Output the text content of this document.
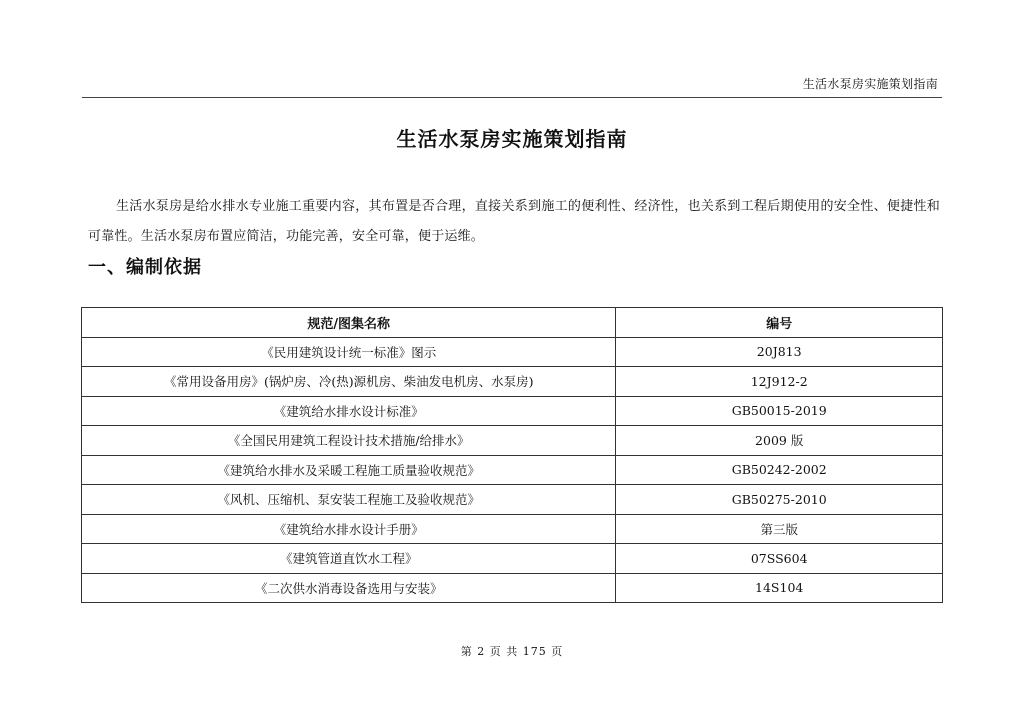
生活水泵房实施策划指南
生活水泵房实施策划指南

生活水泵房是给水排水专业施工重要内容，其布置是否合理，直接关系到施工的便利性、经济性，也关系到工程后期使用的安全性、便捷性和可靠性。生活水泵房布置应简洁，功能完善，安全可靠，便于运维。

一、编制依据
规范/图集名称	编号
《民用建筑设计统一标准》图示	20J813
《常用设备用房》(锅炉房、冷(热)源机房、柴油发电机房、水泵房)	12J912-2
《建筑给水排水设计标准》	GB50015-2019
《全国民用建筑工程设计技术措施/给排水》	2009 版
《建筑给水排水及采暖工程施工质量验收规范》	GB50242-2002
《风机、压缩机、泵安装工程施工及验收规范》	GB50275-2010
《建筑给水排水设计手册》	第三版
《建筑管道直饮水工程》	07SS604
《二次供水消毒设备选用与安装》	14S104
第 2 页 共 175 页
